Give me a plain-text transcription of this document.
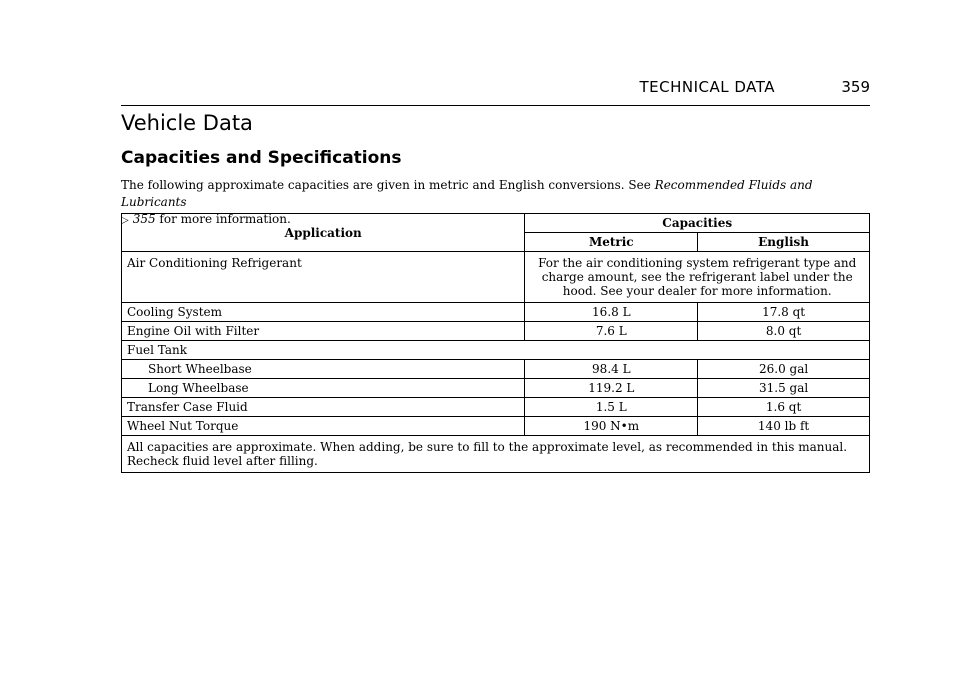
TECHNICAL DATA	359
Vehicle Data
Capacities and Specifications
The following approximate capacities are given in metric and English conversions. See Recommended Fluids and Lubricants
▷ 355 for more information.
Application	Capacities	
	Metric	English
Air Conditioning Refrigerant	For the air conditioning system refrigerant type and charge amount, see the refrigerant label under the hood. See your dealer for more information.	
Cooling System	16.8 L	17.8 qt
Engine Oil with Filter	7.6 L	8.0 qt
Fuel Tank		
Short Wheelbase	98.4 L	26.0 gal
Long Wheelbase	119.2 L	31.5 gal
Transfer Case Fluid	1.5 L	1.6 qt
Wheel Nut Torque	190 N•m	140 lb ft
All capacities are approximate. When adding, be sure to fill to the approximate level, as recommended in this manual. Recheck fluid level after filling.		
